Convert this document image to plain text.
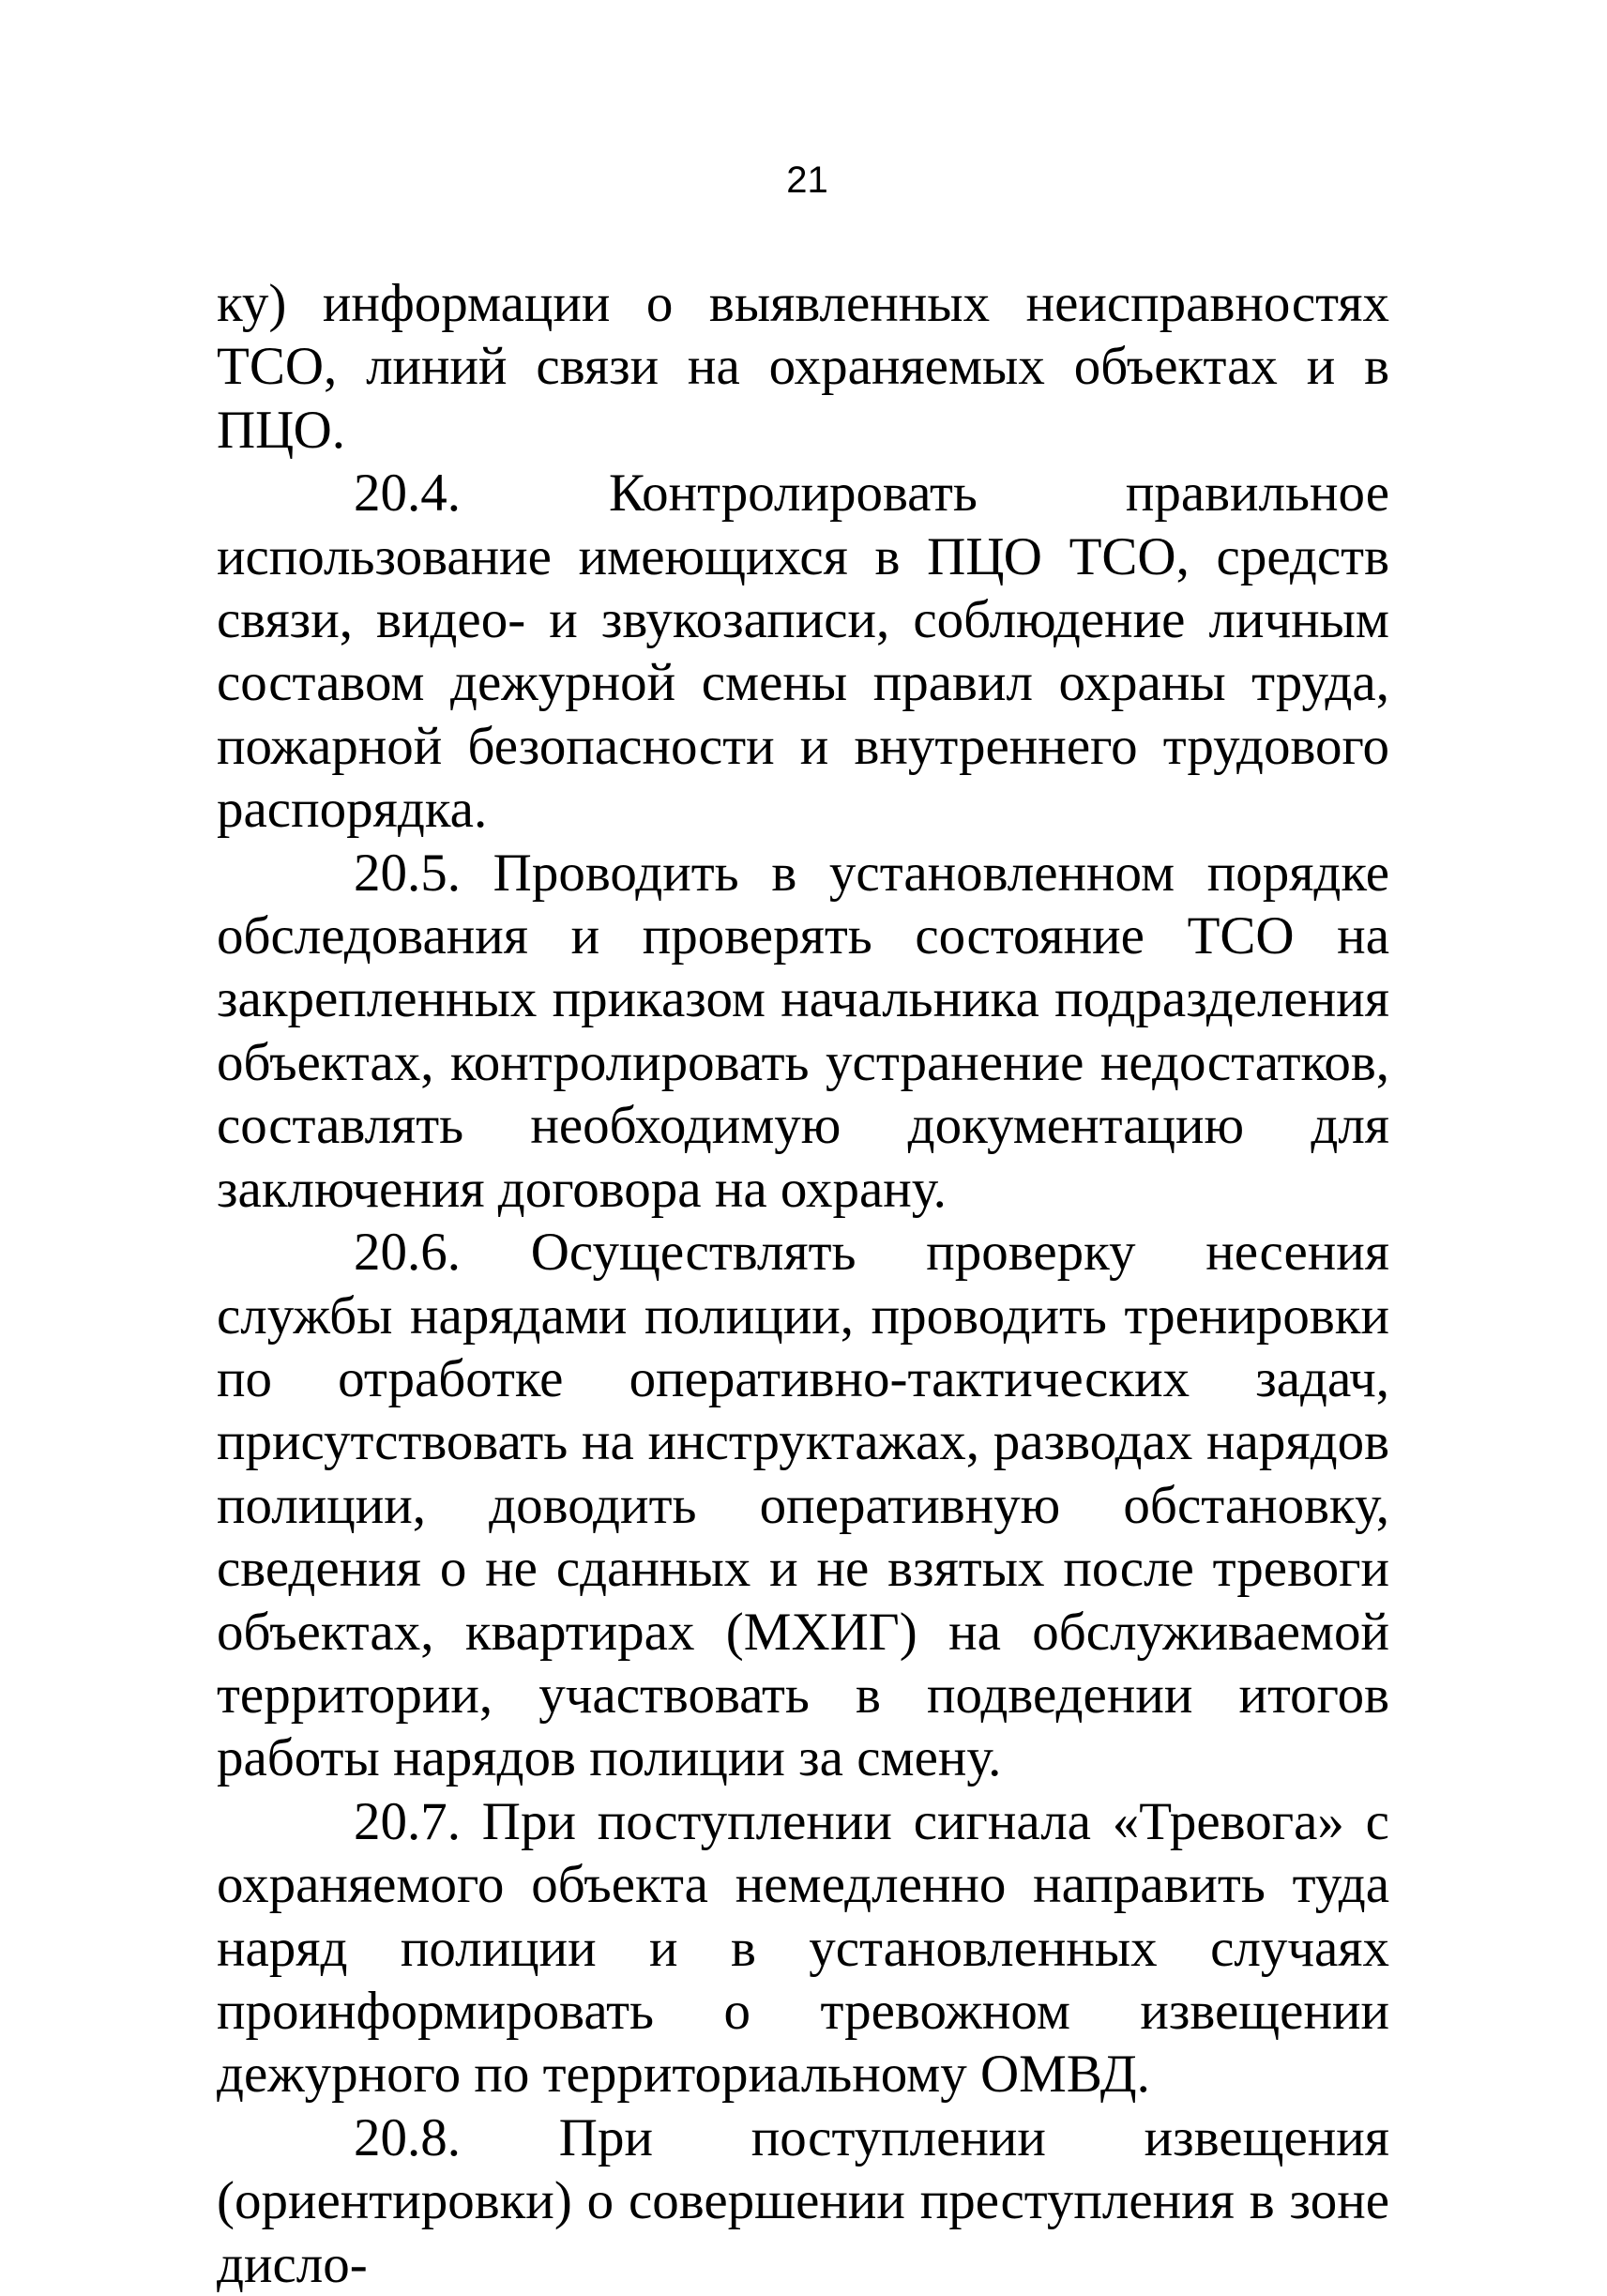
21

ку) информации о выявленных неисправностях ТСО, линий связи на охраняемых объектах и в ПЦО.

20.4. Контролировать правильное использование имеющихся в ПЦО ТСО, средств связи, видео- и звукозаписи, соблюдение личным составом дежурной смены правил охраны труда, пожарной безопасности и внутреннего трудового распорядка.

20.5. Проводить в установленном порядке обследования и проверять состояние ТСО на закрепленных приказом начальника подразделения объектах, контролировать устранение недостатков, составлять необходимую документацию для заключения договора на охрану.

20.6. Осуществлять проверку несения службы нарядами полиции, проводить тренировки по отработке оперативно-тактических задач, присутствовать на инструктажах, разводах нарядов полиции, доводить оперативную обстановку, сведения о не сданных и не взятых после тревоги объектах, квартирах (МХИГ) на обслуживаемой территории, участвовать в подведении итогов работы нарядов полиции за смену.

20.7. При поступлении сигнала «Тревога» с охраняемого объекта немедленно направить туда наряд полиции и в установленных случаях проинформировать о тревожном извещении дежурного по территориальному ОМВД.

20.8. При поступлении извещения (ориентировки) о совершении преступления в зоне дисло-
